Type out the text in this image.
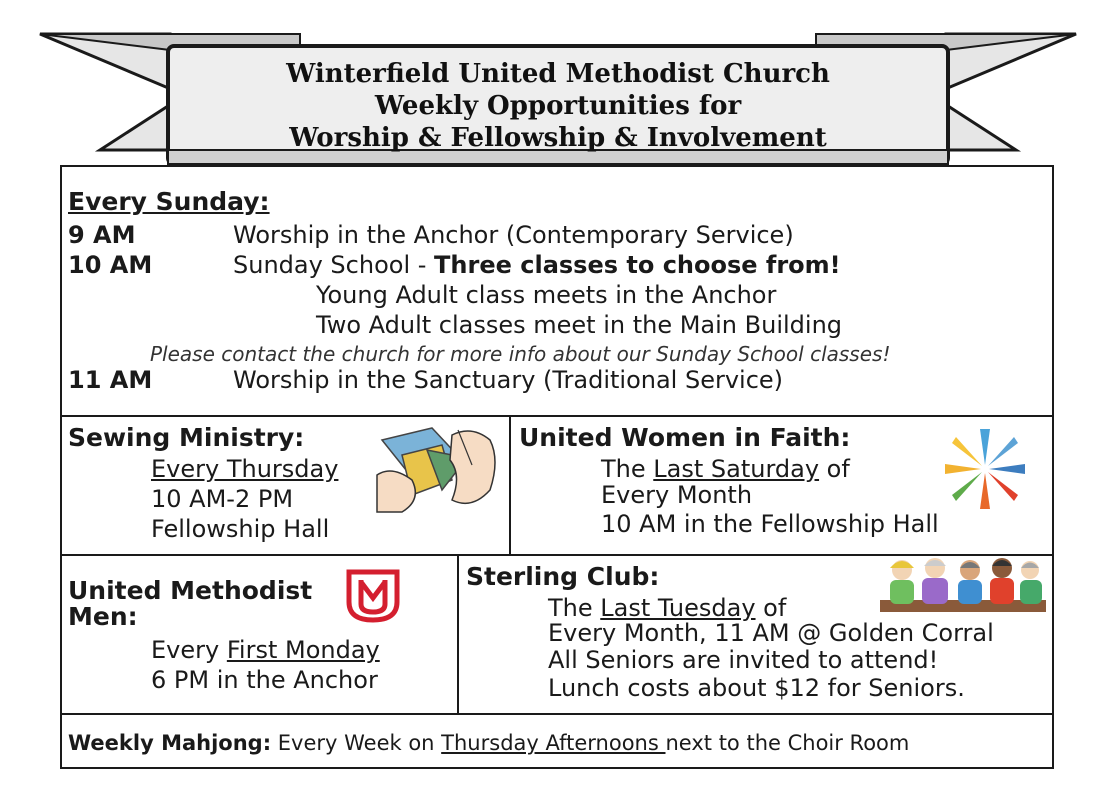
Winterfield United Methodist Church
Weekly Opportunities for
Worship & Fellowship & Involvement
Every Sunday:
9 AM	Worship in the Anchor (Contemporary Service)
10 AM	Sunday School - Three classes to choose from!
Young Adult class meets in the Anchor
Two Adult classes meet in the Main Building
Please contact the church for more info about our Sunday School classes!
11 AM	Worship in the Sanctuary (Traditional Service)
Sewing Ministry:
Every Thursday
10 AM-2 PM
Fellowship Hall
United Women in Faith:
The Last Saturday of
Every Month
10 AM in the Fellowship Hall
United Methodist
Men:
Every First Monday
6 PM in the Anchor
Sterling Club:
The Last Tuesday of
Every Month, 11 AM @ Golden Corral
All Seniors are invited to attend!
Lunch costs about $12 for Seniors.
Weekly Mahjong: Every Week on Thursday Afternoons next to the Choir Room
